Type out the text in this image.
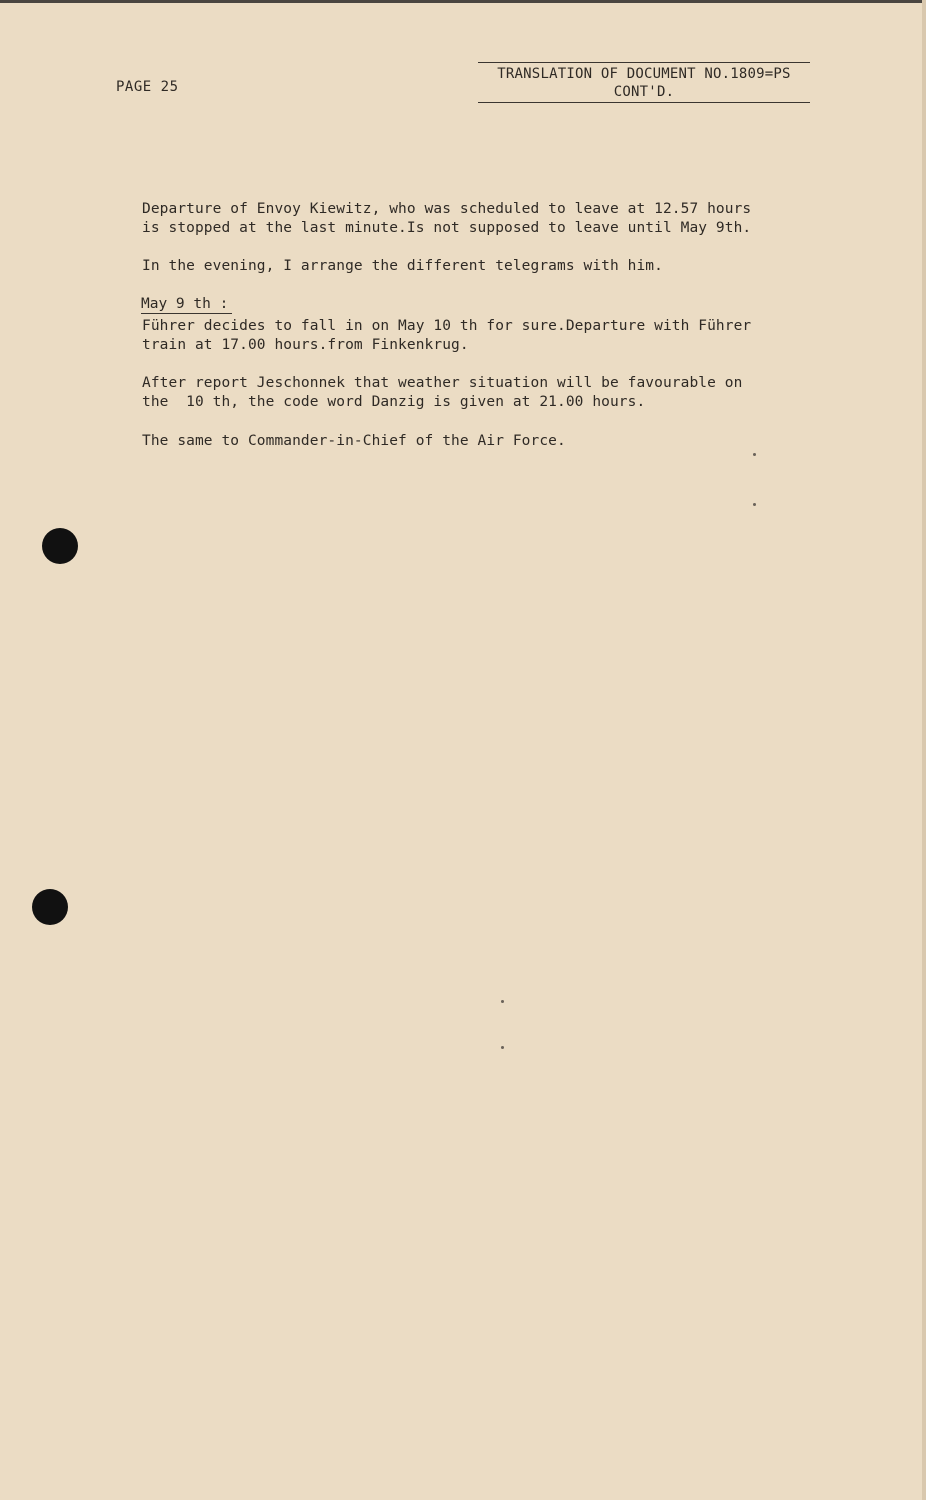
PAGE 25
TRANSLATION OF DOCUMENT NO.1809=PS
CONT'D.
Departure of Envoy Kiewitz, who was scheduled to leave at 12.57 hours
is stopped at the last minute.Is not supposed to leave until May 9th.
In the evening, I arrange the different telegrams with him.
May 9 th :
Führer decides to fall in on May 10 th for sure.Departure with Führer
train at 17.00 hours.from Finkenkrug.
After report Jeschonnek that weather situation will be favourable on
the  10 th, the code word Danzig is given at 21.00 hours.
The same to Commander-in-Chief of the Air Force.
